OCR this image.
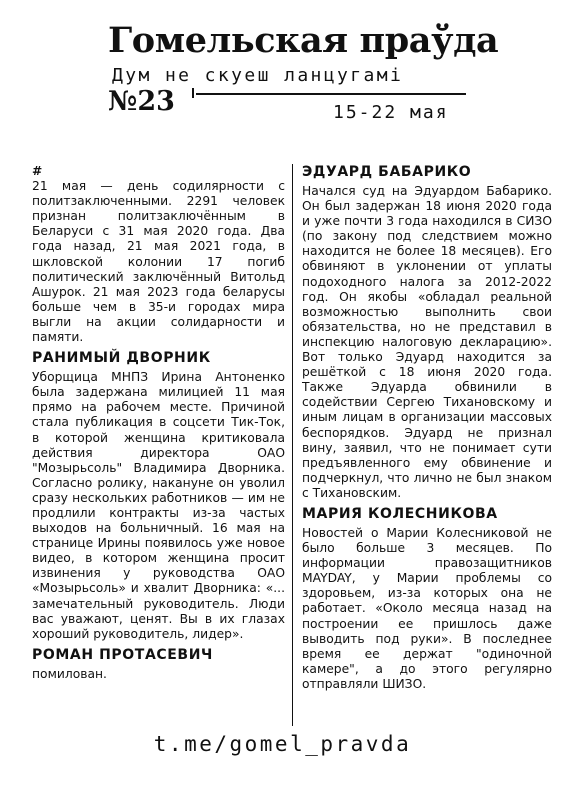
Гомельская праўда
Дум не скуеш ланцугамі
№23	15-22 мая

#

21 мая — день содилярности с политзаключенными. 2291 человек признан политзаключённым в Беларуси с 31 мая 2020 года. Два года назад, 21 мая 2021 года, в шкловской колонии 17 погиб политический заключённый Витольд Ашурок. 21 мая 2023 года беларусы больше чем в 35-и городах мира выгли на акции солидарности и памяти.

РАНИМЫЙ ДВОРНИК

Уборщица МНПЗ Ирина Антоненко была задержана милицией 11 мая прямо на рабочем месте. Причиной стала публикация в соцсети Тик-Ток, в которой женщина критиковала действия директора ОАО "Мозырьсоль" Владимира Дворника. Согласно ролику, накануне он уволил сразу нескольких работников — им не продлили контракты из-за частых выходов на больничный. 16 мая на странице Ирины появилось уже новое видео, в котором женщина просит извинения у руководства ОАО «Мозырьсоль» и хвалит Дворника: «... замечательный руководитель. Люди вас уважают, ценят. Вы в их глазах хороший руководитель, лидер».

РОМАН ПРОТАСЕВИЧ

помилован.

ЭДУАРД БАБАРИКО

Начался суд на Эдуардом Бабарико. Он был задержан 18 июня 2020 года и уже почти 3 года находился в СИЗО (по закону под следствием можно находится не более 18 месяцев). Его обвиняют в уклонении от уплаты подоходного налога за 2012-2022 год. Он якобы «обладал реальной возможностью выполнить свои обязательства, но не представил в инспекцию налоговую декларацию». Вот только Эдуард находится за решёткой с 18 июня 2020 года. Также Эдуарда обвинили в содействии Сергею Тихановскому и иным лицам в организации массовых беспорядков. Эдуард не признал вину, заявил, что не понимает сути предъявленного ему обвинение и подчеркнул, что лично не был знаком с Тихановским.

МАРИЯ КОЛЕСНИКОВА

Новостей о Марии Колесниковой не было больше 3 месяцев. По информации правозащитников MAYDAY, у Марии проблемы со здоровьем, из-за которых она не работает. «Около месяца назад на построении ее пришлось даже выводить под руки». В последнее время ее держат "одиночной камере", а до этого регулярно отправляли ШИЗО.

t.me/gomel_pravda
